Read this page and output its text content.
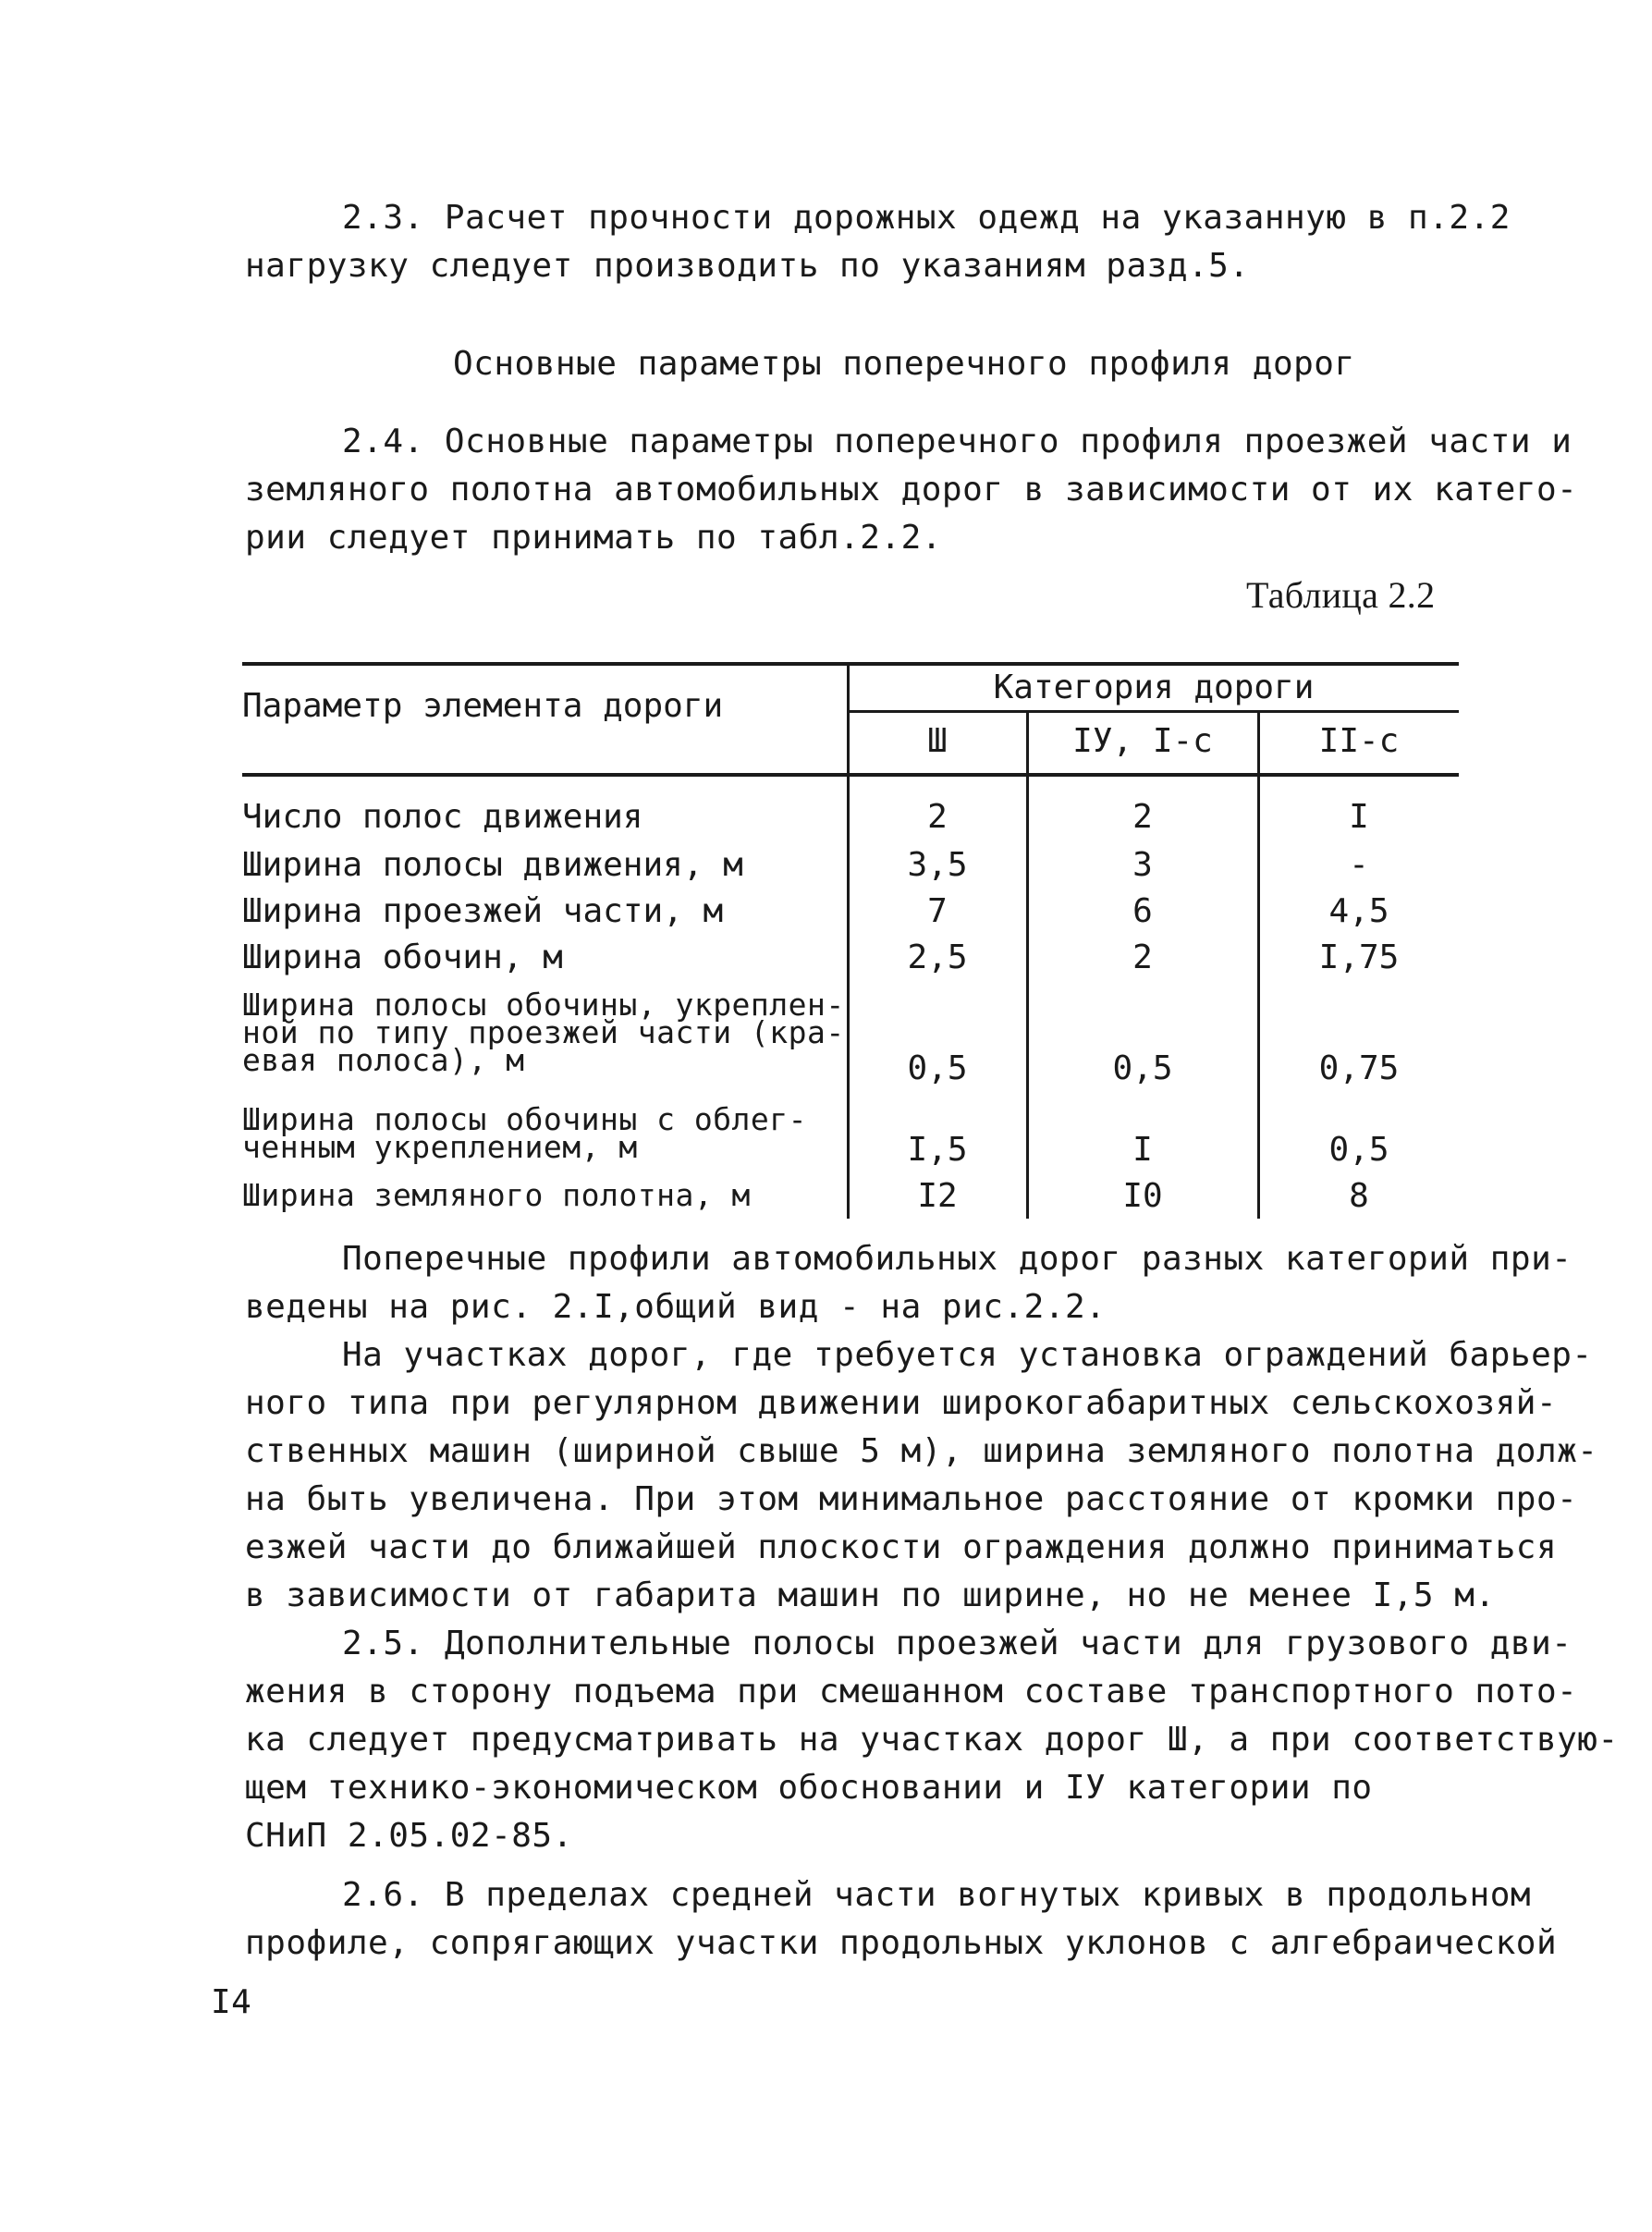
2.3. Расчет прочности дорожных одежд на указанную в п.2.2
нагрузку следует производить по указаниям разд.5.
Основные параметры поперечного профиля дорог
2.4. Основные параметры поперечного профиля проезжей части и
земляного полотна автомобильных дорог в зависимости от их катего-
рии следует принимать по табл.2.2.
Таблица 2.2
Параметр элемента дороги	Категория дороги
Ш	IУ, I-с	II-с
Число полос движения	2	2	I
Ширина полосы движения, м	3,5	3	-
Ширина проезжей части, м	7	6	4,5
Ширина обочин, м	2,5	2	I,75
Ширина полосы обочины, укреплен-
ной по типу проезжей части (кра-
евая полоса), м	0,5	0,5	0,75
Ширина полосы обочины с облег-
ченным укреплением, м	I,5	I	0,5
Ширина земляного полотна, м	I2	I0	8
Поперечные профили автомобильных дорог разных категорий при-
ведены на рис. 2.I,общий вид - на рис.2.2.
На участках дорог, где требуется установка ограждений барьер-
ного типа при регулярном движении широкогабаритных сельскохозяй-
ственных машин (шириной свыше 5 м), ширина земляного полотна долж-
на быть увеличена. При этом минимальное расстояние от кромки про-
езжей части до ближайшей плоскости ограждения должно приниматься
в зависимости от габарита машин по ширине, но не менее I,5 м.
2.5. Дополнительные полосы проезжей части для грузового дви-
жения в сторону подъема при смешанном составе транспортного пото-
ка следует предусматривать на участках дорог Ш, а при соответствую-
щем технико-экономическом обосновании и IУ категории по
СНиП 2.05.02-85.
2.6. В пределах средней части вогнутых кривых в продольном
профиле, сопрягающих участки продольных уклонов с алгебраической
I4
